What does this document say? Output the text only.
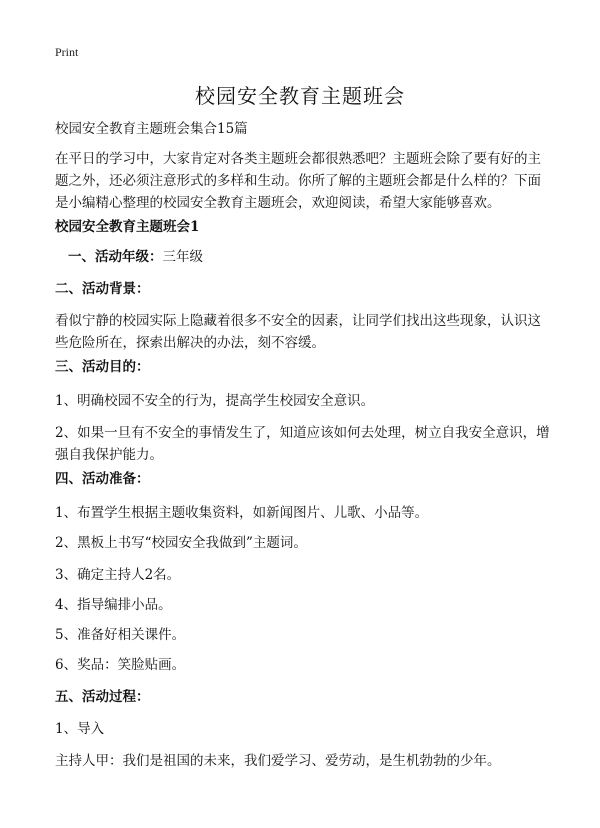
Print
校园安全教育主题班会

校园安全教育主题班会集合15篇

在平日的学习中，大家肯定对各类主题班会都很熟悉吧？主题班会除了要有好的主题之外，还必须注意形式的多样和生动。你所了解的主题班会都是什么样的？下面是小编精心整理的校园安全教育主题班会，欢迎阅读，希望大家能够喜欢。

校园安全教育主题班会1

一、活动年级：三年级

二、活动背景：

看似宁静的校园实际上隐藏着很多不安全的因素，让同学们找出这些现象，认识这些危险所在，探索出解决的办法，刻不容缓。

三、活动目的：

1、明确校园不安全的行为，提高学生校园安全意识。

2、如果一旦有不安全的事情发生了，知道应该如何去处理，树立自我安全意识，增强自我保护能力。

四、活动准备：

1、布置学生根据主题收集资料，如新闻图片、儿歌、小品等。

2、黑板上书写“校园安全我做到”主题词。

3、确定主持人2名。

4、指导编排小品。

5、准备好相关课件。

6、奖品：笑脸贴画。

五、活动过程：

1、导入

主持人甲：我们是祖国的未来，我们爱学习、爱劳动，是生机勃勃的少年。
